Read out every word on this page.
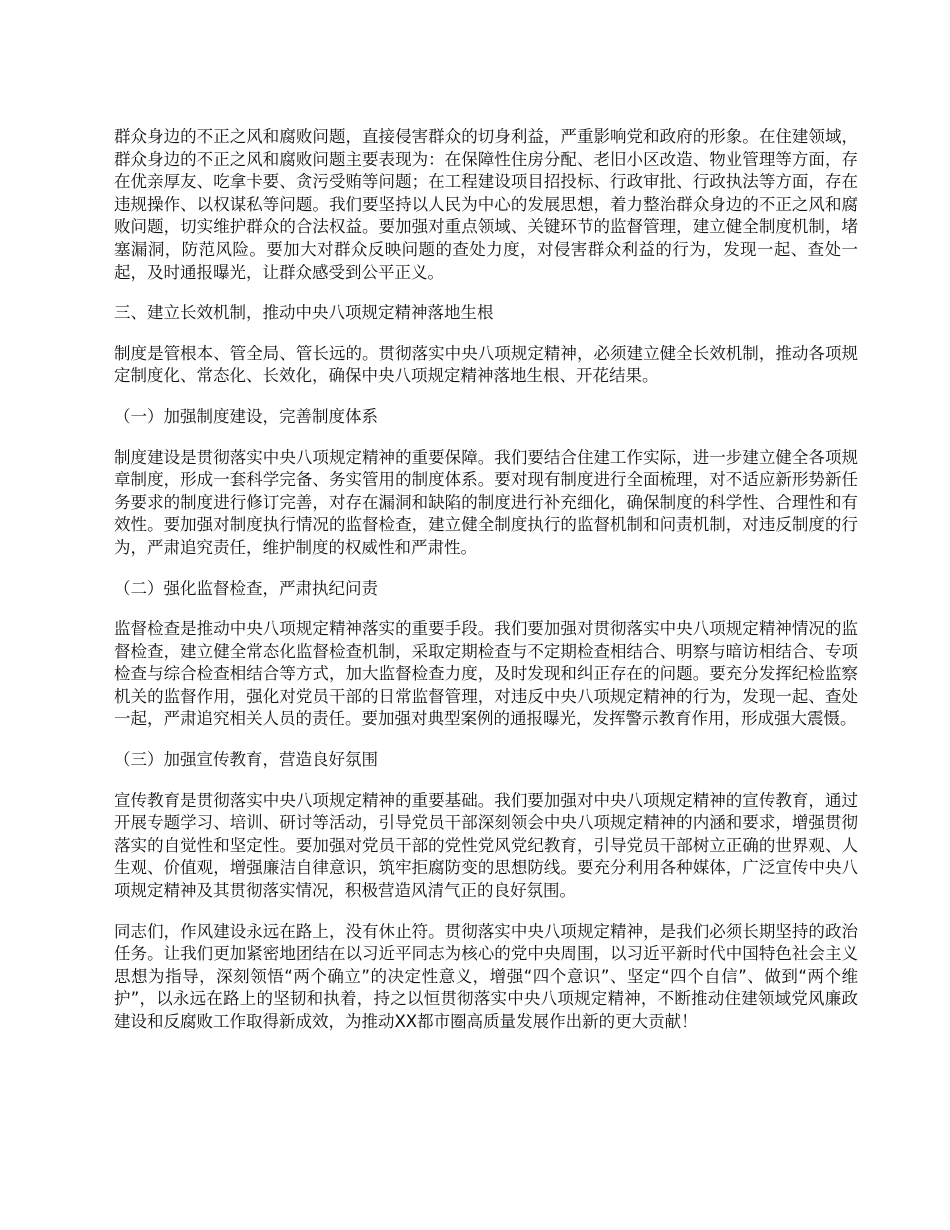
群众身边的不正之风和腐败问题，直接侵害群众的切身利益，严重影响党和政府的形象。在住建领域，群众身边的不正之风和腐败问题主要表现为：在保障性住房分配、老旧小区改造、物业管理等方面，存在优亲厚友、吃拿卡要、贪污受贿等问题；在工程建设项目招投标、行政审批、行政执法等方面，存在违规操作、以权谋私等问题。我们要坚持以人民为中心的发展思想，着力整治群众身边的不正之风和腐败问题，切实维护群众的合法权益。要加强对重点领域、关键环节的监督管理，建立健全制度机制，堵塞漏洞，防范风险。要加大对群众反映问题的查处力度，对侵害群众利益的行为，发现一起、查处一起，及时通报曝光，让群众感受到公平正义。

三、建立长效机制，推动中央八项规定精神落地生根

制度是管根本、管全局、管长远的。贯彻落实中央八项规定精神，必须建立健全长效机制，推动各项规定制度化、常态化、长效化，确保中央八项规定精神落地生根、开花结果。

（一）加强制度建设，完善制度体系

制度建设是贯彻落实中央八项规定精神的重要保障。我们要结合住建工作实际，进一步建立健全各项规章制度，形成一套科学完备、务实管用的制度体系。要对现有制度进行全面梳理，对不适应新形势新任务要求的制度进行修订完善，对存在漏洞和缺陷的制度进行补充细化，确保制度的科学性、合理性和有效性。要加强对制度执行情况的监督检查，建立健全制度执行的监督机制和问责机制，对违反制度的行为，严肃追究责任，维护制度的权威性和严肃性。

（二）强化监督检查，严肃执纪问责

监督检查是推动中央八项规定精神落实的重要手段。我们要加强对贯彻落实中央八项规定精神情况的监督检查，建立健全常态化监督检查机制，采取定期检查与不定期检查相结合、明察与暗访相结合、专项检查与综合检查相结合等方式，加大监督检查力度，及时发现和纠正存在的问题。要充分发挥纪检监察机关的监督作用，强化对党员干部的日常监督管理，对违反中央八项规定精神的行为，发现一起、查处一起，严肃追究相关人员的责任。要加强对典型案例的通报曝光，发挥警示教育作用，形成强大震慑。

（三）加强宣传教育，营造良好氛围

宣传教育是贯彻落实中央八项规定精神的重要基础。我们要加强对中央八项规定精神的宣传教育，通过开展专题学习、培训、研讨等活动，引导党员干部深刻领会中央八项规定精神的内涵和要求，增强贯彻落实的自觉性和坚定性。要加强对党员干部的党性党风党纪教育，引导党员干部树立正确的世界观、人生观、价值观，增强廉洁自律意识，筑牢拒腐防变的思想防线。要充分利用各种媒体，广泛宣传中央八项规定精神及其贯彻落实情况，积极营造风清气正的良好氛围。

同志们，作风建设永远在路上，没有休止符。贯彻落实中央八项规定精神，是我们必须长期坚持的政治任务。让我们更加紧密地团结在以习近平同志为核心的党中央周围，以习近平新时代中国特色社会主义思想为指导，深刻领悟“两个确立”的决定性意义，增强“四个意识”、坚定“四个自信”、做到“两个维护”，以永远在路上的坚韧和执着，持之以恒贯彻落实中央八项规定精神，不断推动住建领域党风廉政建设和反腐败工作取得新成效，为推动XX都市圈高质量发展作出新的更大贡献！
